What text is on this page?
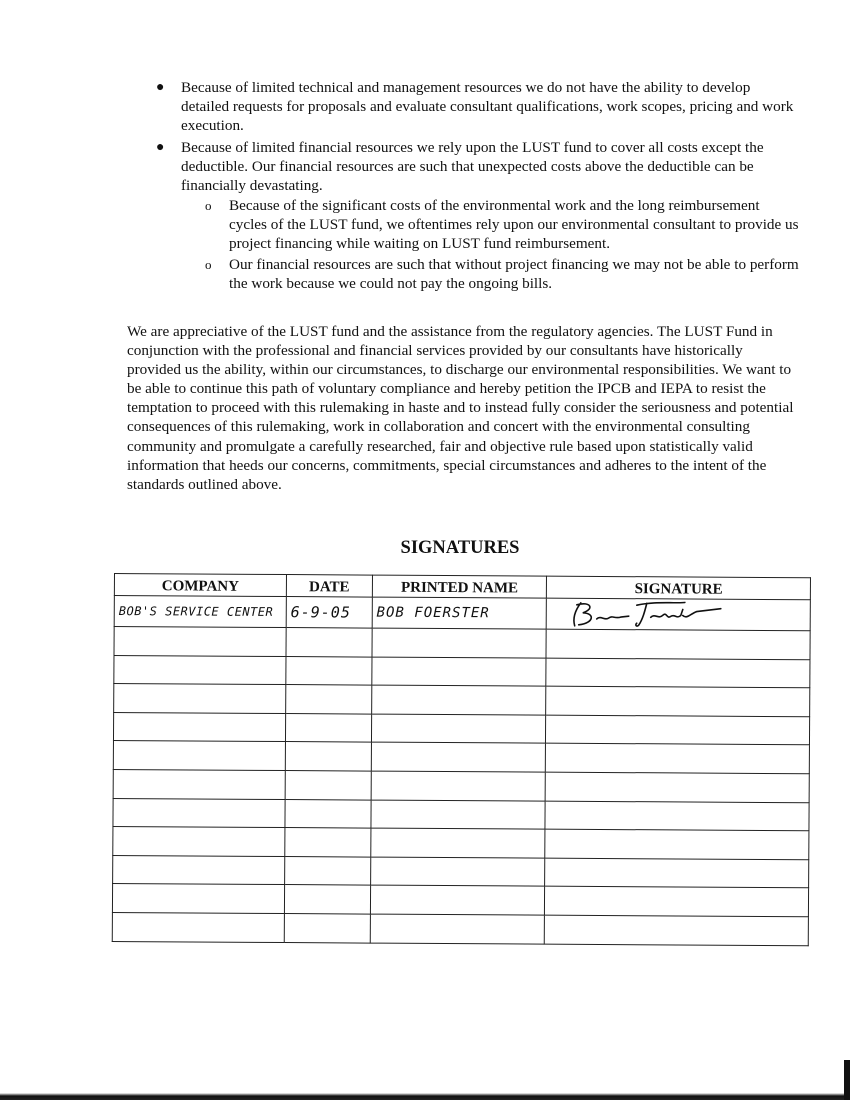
● Because of limited technical and management resources we do not have the ability to develop detailed requests for proposals and evaluate consultant qualifications, work scopes, pricing and work execution.
● Because of limited financial resources we rely upon the LUST fund to cover all costs except the deductible. Our financial resources are such that unexpected costs above the deductible can be financially devastating.
o Because of the significant costs of the environmental work and the long reimbursement cycles of the LUST fund, we oftentimes rely upon our environmental consultant to provide us project financing while waiting on LUST fund reimbursement.
o Our financial resources are such that without project financing we may not be able to perform the work because we could not pay the ongoing bills.

We are appreciative of the LUST fund and the assistance from the regulatory agencies. The LUST Fund in conjunction with the professional and financial services provided by our consultants have historically provided us the ability, within our circumstances, to discharge our environmental responsibilities. We want to be able to continue this path of voluntary compliance and hereby petition the IPCB and IEPA to resist the temptation to proceed with this rulemaking in haste and to instead fully consider the seriousness and potential consequences of this rulemaking, work in collaboration and concert with the environmental consulting community and promulgate a carefully researched, fair and objective rule based upon statistically valid information that heeds our concerns, commitments, special circumstances and adheres to the intent of the standards outlined above.

SIGNATURES
COMPANY	DATE	PRINTED NAME	SIGNATURE
BOB'S SERVICE CENTER	6-9-05	BOB FOERSTER	
